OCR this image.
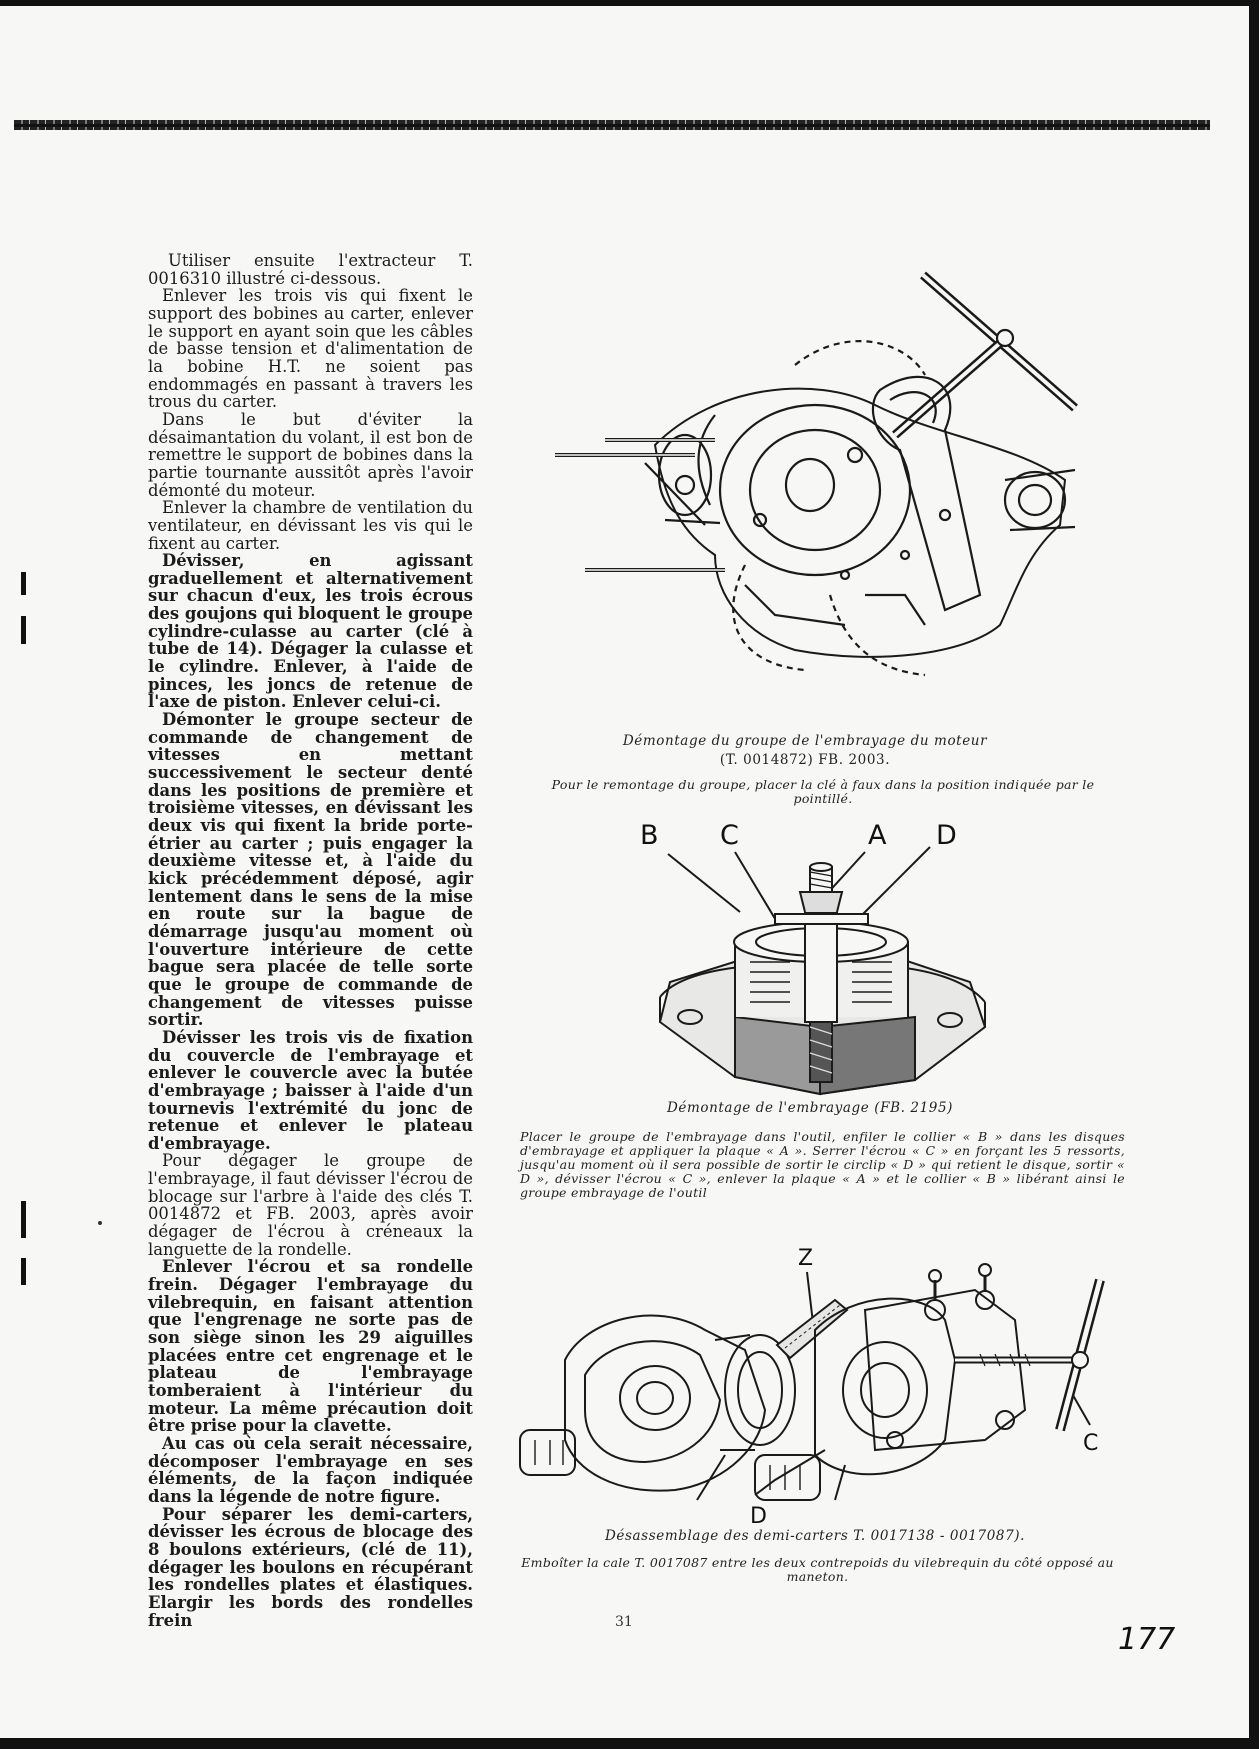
Utiliser ensuite l'extracteur T. 0016310 illustré ci-dessous.

Enlever les trois vis qui fixent le support des bobines au carter, enlever le support en ayant soin que les câbles de basse tension et d'alimentation de la bobine H.T. ne soient pas endommagés en passant à travers les trous du carter.

Dans le but d'éviter la désaimantation du volant, il est bon de remettre le support de bobines dans la partie tournante aussitôt après l'avoir démonté du moteur.

Enlever la chambre de ventilation du ventilateur, en dévissant les vis qui le fixent au carter.

Dévisser, en agissant graduellement et alternativement sur chacun d'eux, les trois écrous des goujons qui bloquent le groupe cylindre-culasse au carter (clé à tube de 14). Dégager la culasse et le cylindre. Enlever, à l'aide de pinces, les joncs de retenue de l'axe de piston. Enlever celui-ci.

Démonter le groupe secteur de commande de changement de vitesses en mettant successivement le secteur denté dans les positions de première et troisième vitesses, en dévissant les deux vis qui fixent la bride porte-étrier au carter ; puis engager la deuxième vitesse et, à l'aide du kick précédemment déposé, agir lentement dans le sens de la mise en route sur la bague de démarrage jusqu'au moment où l'ouverture intérieure de cette bague sera placée de telle sorte que le groupe de commande de changement de vitesses puisse sortir.

Dévisser les trois vis de fixation du couvercle de l'embrayage et enlever le couvercle avec la butée d'embrayage ; baisser à l'aide d'un tournevis l'extrémité du jonc de retenue et enlever le plateau d'embrayage.

Pour dégager le groupe de l'embrayage, il faut dévisser l'écrou de blocage sur l'arbre à l'aide des clés T. 0014872 et FB. 2003, après avoir dégager de l'écrou à créneaux la languette de la rondelle.

Enlever l'écrou et sa rondelle frein. Dégager l'embrayage du vilebrequin, en faisant attention que l'engrenage ne sorte pas de son siège sinon les 29 aiguilles placées entre cet engrenage et le plateau de l'embrayage tomberaient à l'intérieur du moteur. La même précaution doit être prise pour la clavette.

Au cas où cela serait nécessaire, décomposer l'embrayage en ses éléments, de la façon indiquée dans la légende de notre figure.

Pour séparer les demi-carters, dévisser les écrous de blocage des 8 boulons extérieurs, (clé de 11), dégager les boulons en récupérant les rondelles plates et élastiques. Elargir les bords des rondelles frein

Démontage du groupe de l'embrayage du moteur
(T. 0014872) FB. 2003.
Pour le remontage du groupe, placer la clé à faux dans la position indiquée par le pointillé.
B C	A D
Démontage de l'embrayage (FB. 2195)
Placer le groupe de l'embrayage dans l'outil, enfiler le collier « B » dans les disques d'embrayage et appliquer la plaque « A ». Serrer l'écrou « C » en forçant les 5 ressorts, jusqu'au moment où il sera possible de sortir le circlip « D » qui retient le disque, sortir « D », dévisser l'écrou « C », enlever la plaque « A » et le collier « B » libérant ainsi le groupe embrayage de l'outil
Z
C
D
Désassemblage des demi-carters T. 0017138 - 0017087).
Emboîter la cale T. 0017087 entre les deux contrepoids du vilebrequin du côté opposé au maneton.
31	177
